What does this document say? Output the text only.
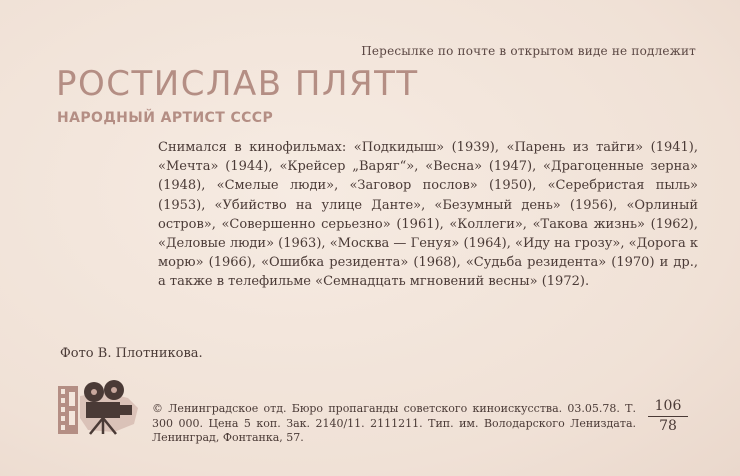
Пересылке по почте в открытом виде не подлежит
РОСТИСЛАВ ПЛЯТТ
НАРОДНЫЙ АРТИСТ СССР
Снимался в кинофильмах: «Подкидыш» (1939), «Парень из тайги» (1941), «Мечта» (1944), «Крейсер „Варяг“», «Весна» (1947), «Драгоценные зерна» (1948), «Смелые люди», «Заговор послов» (1950), «Серебристая пыль» (1953), «Убийство на улице Данте», «Безумный день» (1956), «Орлиный остров», «Совершенно серьезно» (1961), «Коллеги», «Такова жизнь» (1962), «Деловые люди» (1963), «Москва — Генуя» (1964), «Иду на грозу», «Дорога к морю» (1966), «Ошибка резидента» (1968), «Судьба резидента» (1970) и др., а также в телефильме «Семнадцать мгновений весны» (1972).
Фото В. Плотникова.
© Ленинградское отд. Бюро пропаганды советского киноискусства. 03.05.78. Т. 300 000. Цена 5 коп. Зак. 2140/11. 2111211. Тип. им. Володарского Лениздата. Ленинград, Фонтанка, 57.
106
78
